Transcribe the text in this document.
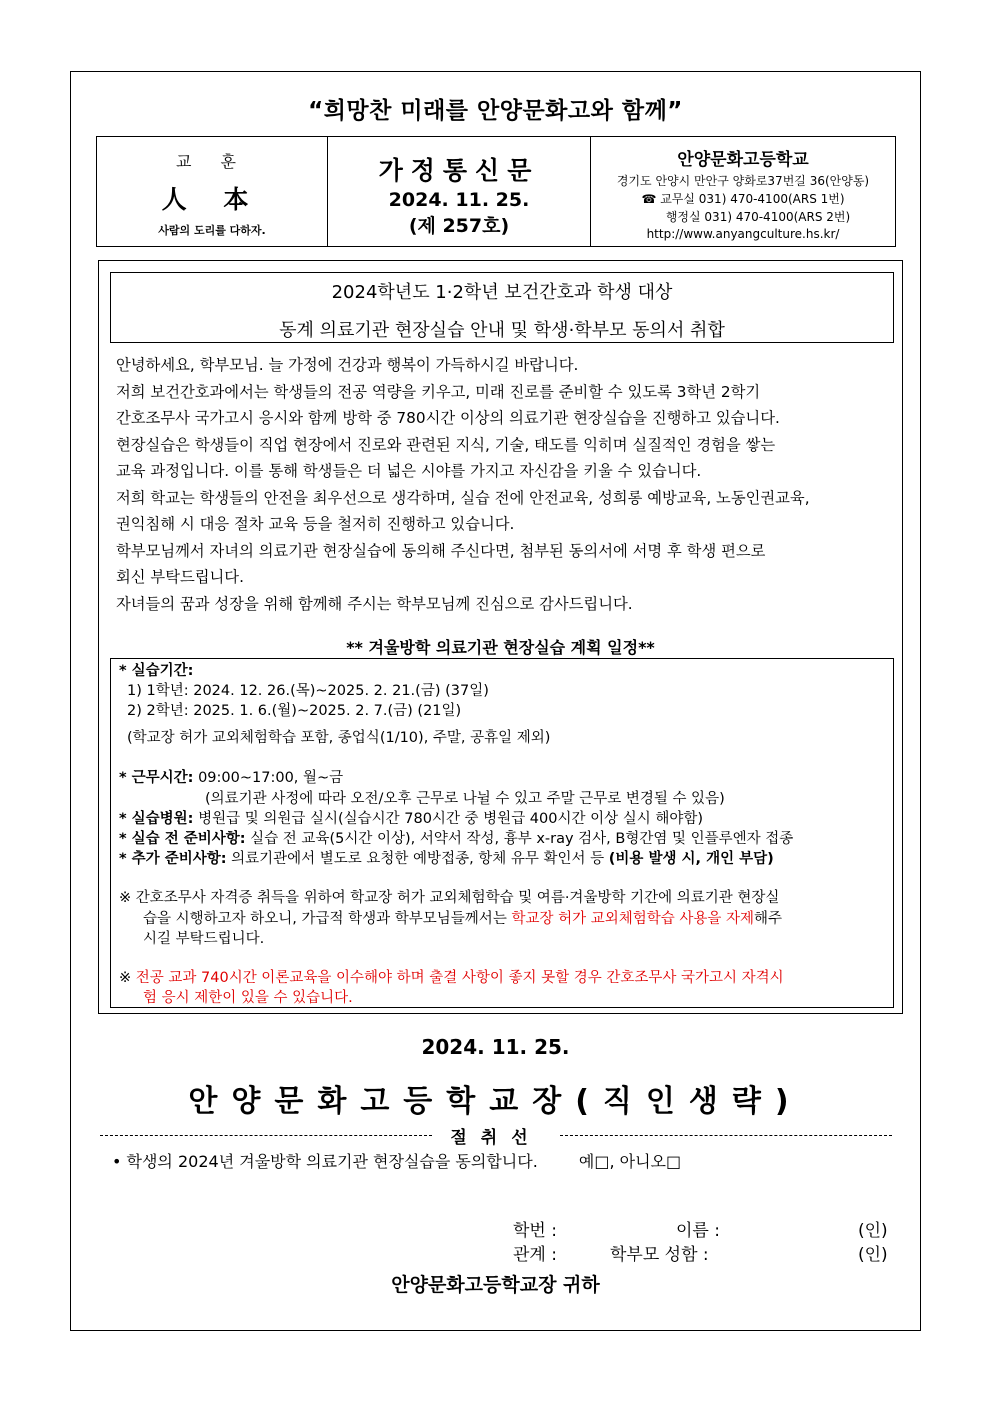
“희망찬 미래를 안양문화고와 함께”
교 훈
人 本
사람의 도리를 다하자.
가정통신문
2024. 11. 25.
(제 257호)
안양문화고등학교
경기도 안양시 만안구 양화로37번길 36(안양동)
☎ 교무실 031) 470-4100(ARS 1번)
행정실 031) 470-4100(ARS 2번)
http://www.anyangculture.hs.kr/
2024학년도 1·2학년 보건간호과 학생 대상
동계 의료기관 현장실습 안내 및 학생·학부모 동의서 취합

안녕하세요, 학부모님. 늘 가정에 건강과 행복이 가득하시길 바랍니다.

저희 보건간호과에서는 학생들의 전공 역량을 키우고, 미래 진로를 준비할 수 있도록 3학년 2학기

간호조무사 국가고시 응시와 함께 방학 중 780시간 이상의 의료기관 현장실습을 진행하고 있습니다.

현장실습은 학생들이 직업 현장에서 진로와 관련된 지식, 기술, 태도를 익히며 실질적인 경험을 쌓는

교육 과정입니다. 이를 통해 학생들은 더 넓은 시야를 가지고 자신감을 키울 수 있습니다.

저희 학교는 학생들의 안전을 최우선으로 생각하며, 실습 전에 안전교육, 성희롱 예방교육, 노동인권교육,

권익침해 시 대응 절차 교육 등을 철저히 진행하고 있습니다.

학부모님께서 자녀의 의료기관 현장실습에 동의해 주신다면, 첨부된 동의서에 서명 후 학생 편으로

회신 부탁드립니다.

자녀들의 꿈과 성장을 위해 함께해 주시는 학부모님께 진심으로 감사드립니다.

** 겨울방학 의료기관 현장실습 계획 일정**
* 실습기간:
1) 1학년: 2024. 12. 26.(목)~2025. 2. 21.(금) (37일)
2) 2학년: 2025. 1. 6.(월)~2025. 2. 7.(금) (21일)
(학교장 허가 교외체험학습 포함, 종업식(1/10), 주말, 공휴일 제외)
* 근무시간: 09:00~17:00, 월~금
(의료기관 사정에 따라 오전/오후 근무로 나뉠 수 있고 주말 근무로 변경될 수 있음)
* 실습병원: 병원급 및 의원급 실시(실습시간 780시간 중 병원급 400시간 이상 실시 해야함)
* 실습 전 준비사항: 실습 전 교육(5시간 이상), 서약서 작성, 흉부 x-ray 검사, B형간염 및 인플루엔자 접종
* 추가 준비사항: 의료기관에서 별도로 요청한 예방접종, 항체 유무 확인서 등 (비용 발생 시, 개인 부담)
※ 간호조무사 자격증 취득을 위하여 학교장 허가 교외체험학습 및 여름·겨울방학 기간에 의료기관 현장실
습을 시행하고자 하오니, 가급적 학생과 학부모님들께서는 학교장 허가 교외체험학습 사용을 자제해주
시길 부탁드립니다.
※ 전공 교과 740시간 이론교육을 이수해야 하며 출결 사항이 좋지 못할 경우 간호조무사 국가고시 자격시
험 응시 제한이 있을 수 있습니다.
2024. 11. 25.
안양문화고등학교장(직인생략)
절취선
• 학생의 2024년 겨울방학 의료기관 현장실습을 동의합니다.	예□, 아니오□
학번 :	이름 :	(인)
관계 :	학부모 성함 :	(인)
안양문화고등학교장 귀하
